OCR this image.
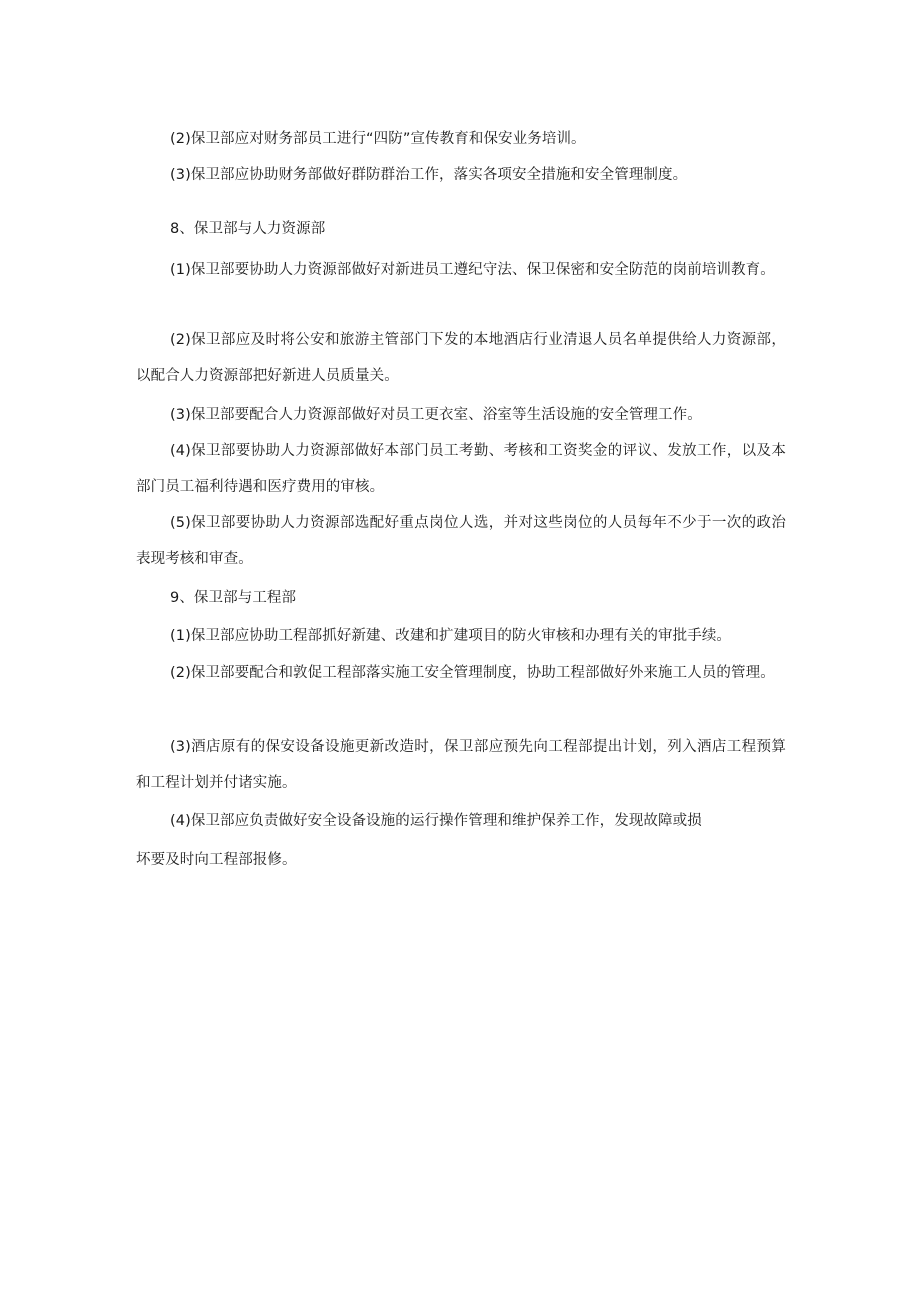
(2)保卫部应对财务部员工进行“四防”宣传教育和保安业务培训。

(3)保卫部应协助财务部做好群防群治工作，落实各项安全措施和安全管理制度。

8、保卫部与人力资源部

(1)保卫部要协助人力资源部做好对新进员工遵纪守法、保卫保密和安全防范的岗前培训教育。

(2)保卫部应及时将公安和旅游主管部门下发的本地酒店行业清退人员名单提供给人力资源部，以配合人力资源部把好新进人员质量关。

(3)保卫部要配合人力资源部做好对员工更衣室、浴室等生活设施的安全管理工作。

(4)保卫部要协助人力资源部做好本部门员工考勤、考核和工资奖金的评议、发放工作，以及本部门员工福利待遇和医疗费用的审核。

(5)保卫部要协助人力资源部选配好重点岗位人选，并对这些岗位的人员每年不少于一次的政治表现考核和审查。

9、保卫部与工程部

(1)保卫部应协助工程部抓好新建、改建和扩建项目的防火审核和办理有关的审批手续。

(2)保卫部要配合和敦促工程部落实施工安全管理制度，协助工程部做好外来施工人员的管理。

(3)酒店原有的保安设备设施更新改造时，保卫部应预先向工程部提出计划，列入酒店工程预算和工程计划并付诸实施。

(4)保卫部应负责做好安全设备设施的运行操作管理和维护保养工作，发现故障或损

坏要及时向工程部报修。
